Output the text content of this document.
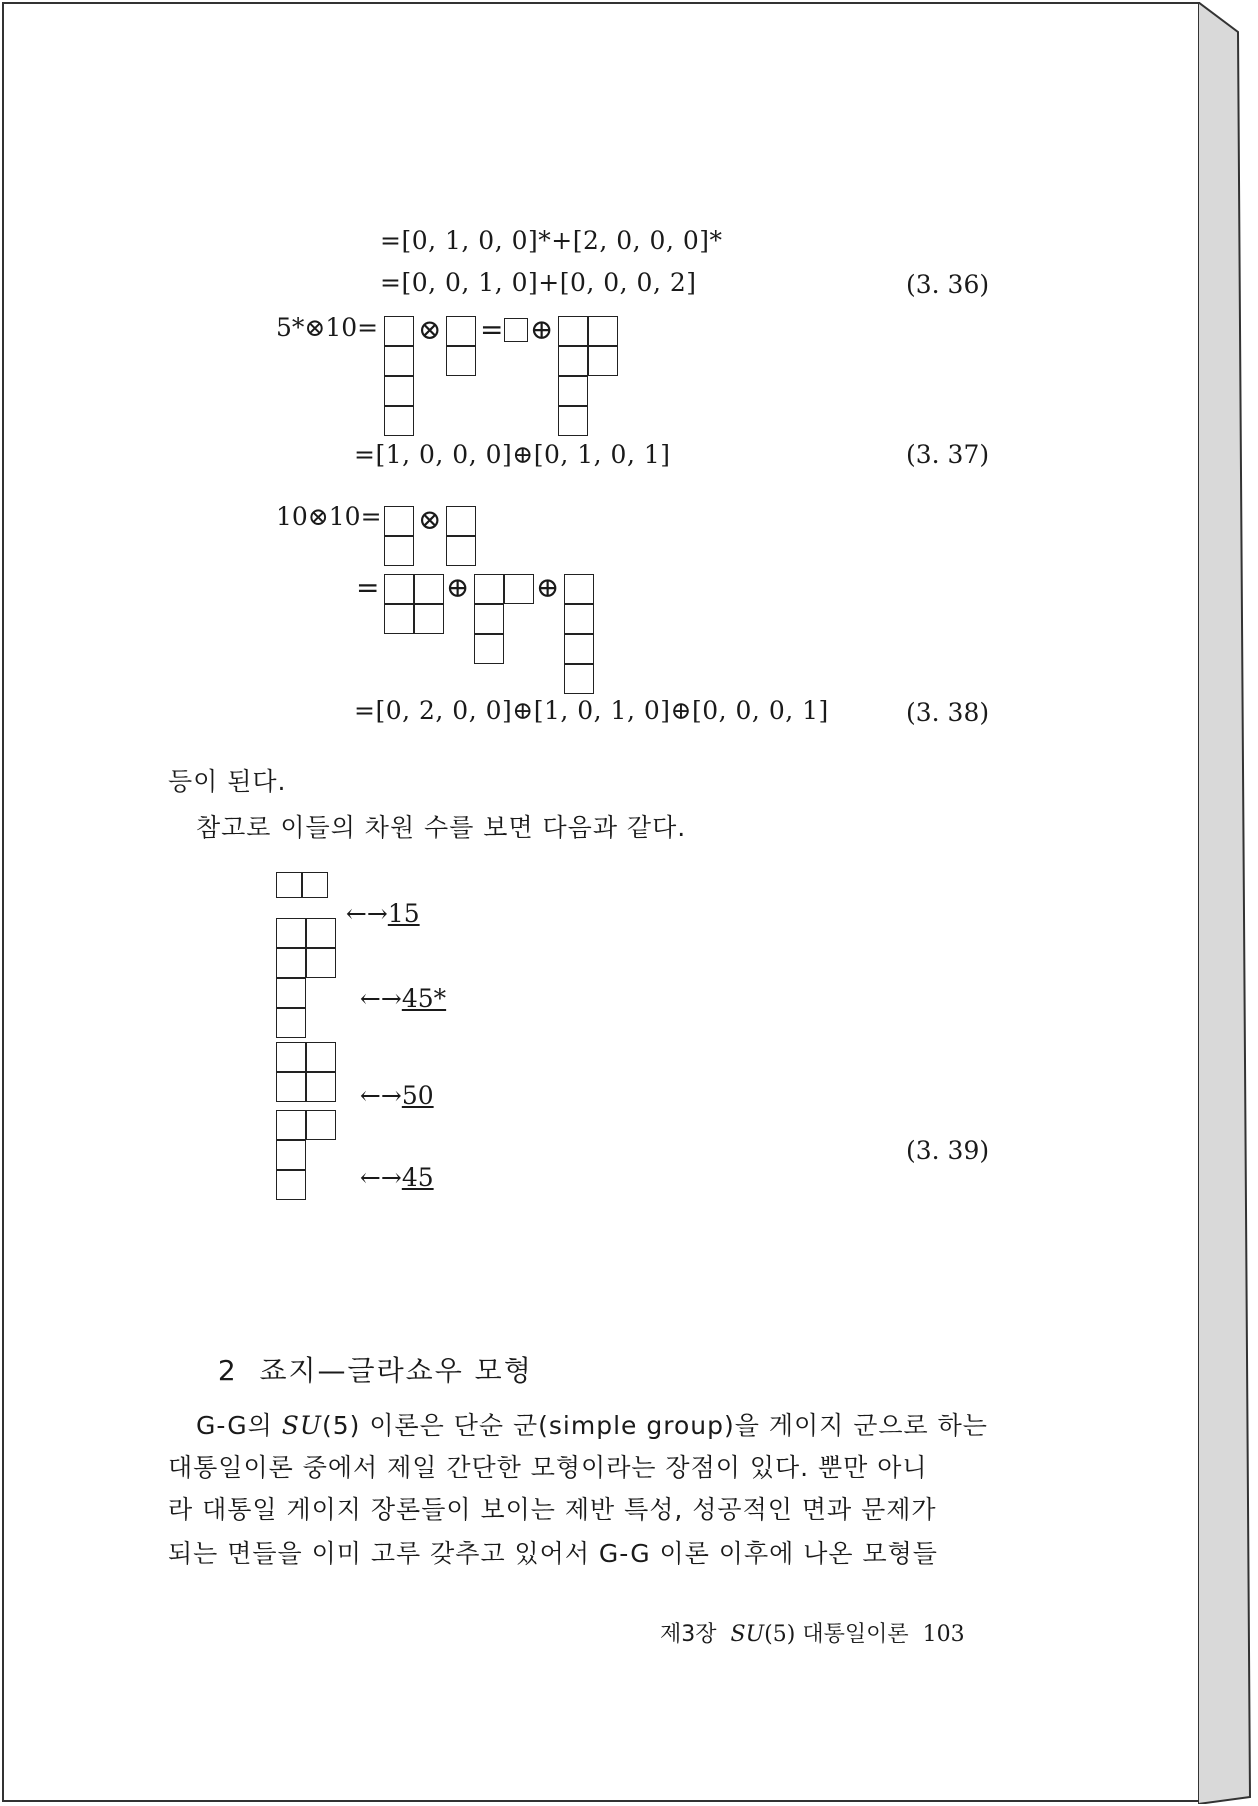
=[0, 1, 0, 0]*+[2, 0, 0, 0]*
=[0, 0, 1, 0]+[0, 0, 0, 2]	(3. 36)
5*⊗10= ⊗ = ⊕
=[1, 0, 0, 0]⊕[0, 1, 0, 1]	(3. 37)
10⊗10= ⊗
= ⊕ ⊕
=[0, 2, 0, 0]⊕[1, 0, 1, 0]⊕[0, 0, 0, 1]	(3. 38)
등이 된다.
참고로 이들의 차원 수를 보면 다음과 같다.

←→15

←→45*

←→50

←→45

(3. 39)

2 죠지—글라쇼우 모형

G-G의 SU(5) 이론은 단순 군(simple group)을 게이지 군으로 하는
대통일이론 중에서 제일 간단한 모형이라는 장점이 있다. 뿐만 아니
라 대통일 게이지 장론들이 보이는 제반 특성, 성공적인 면과 문제가
되는 면들을 이미 고루 갖추고 있어서 G-G 이론 이후에 나온 모형들

제3장 SU(5) 대통일이론 103
